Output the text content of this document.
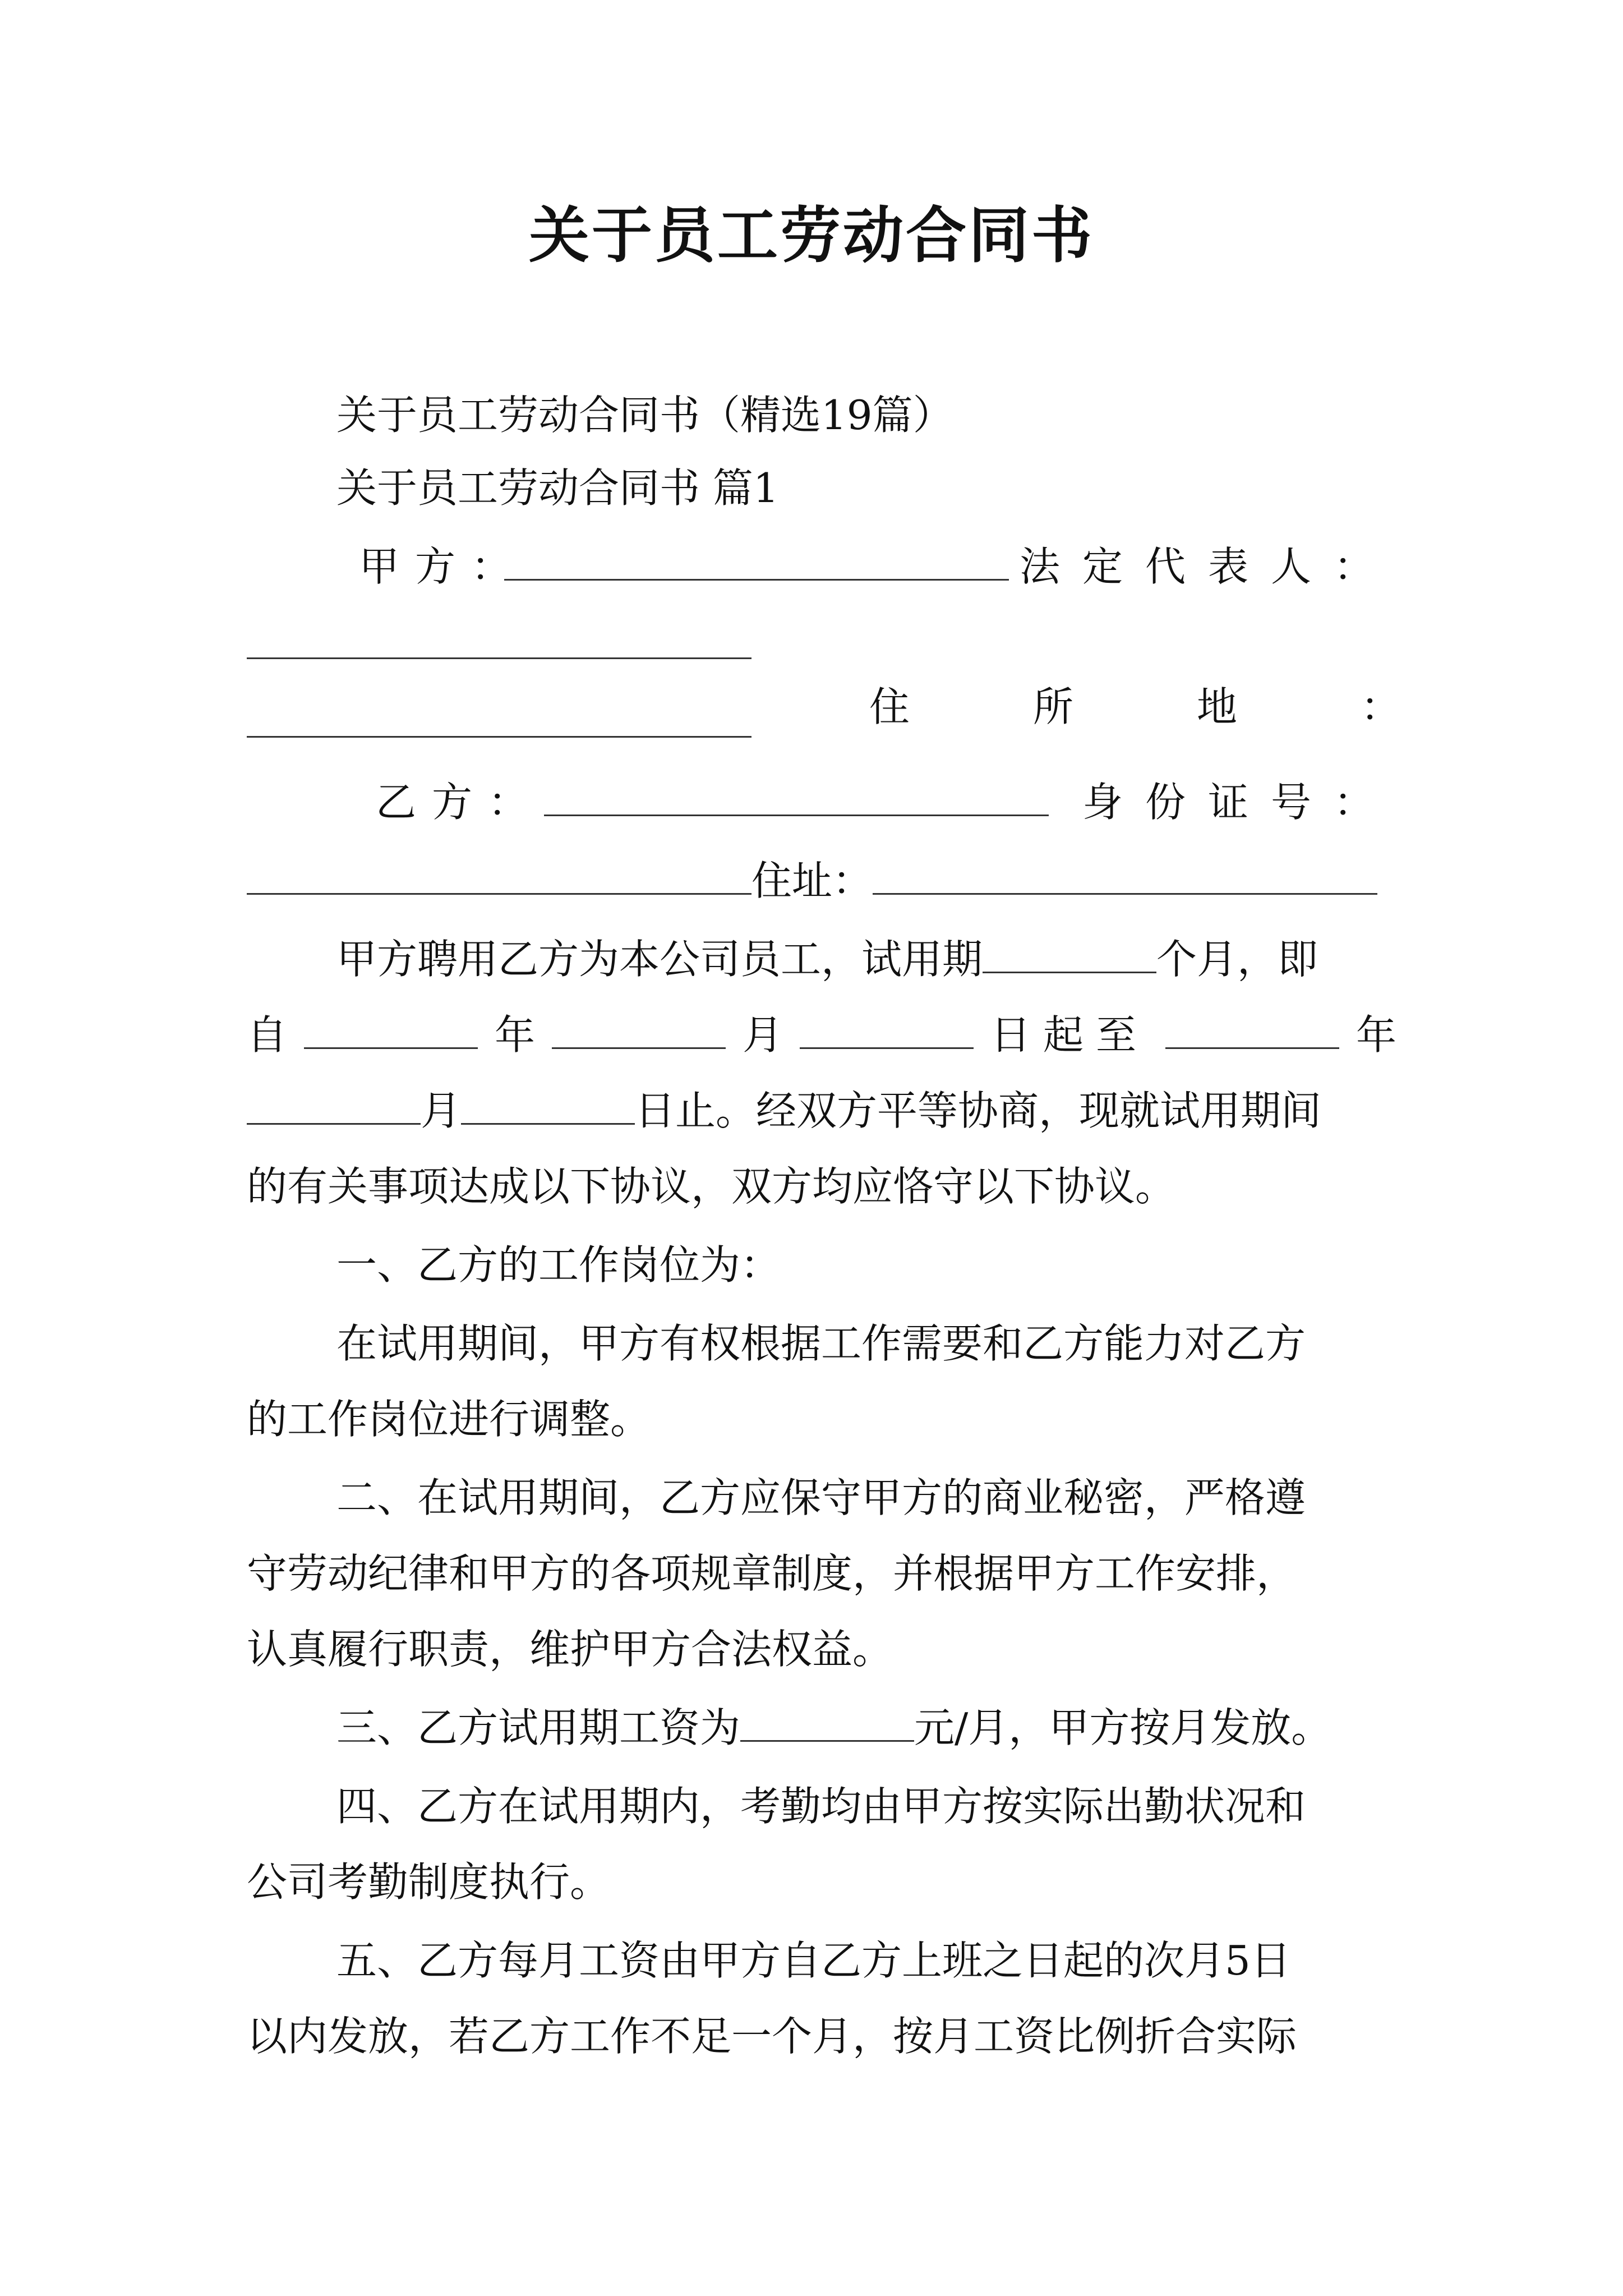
关于员工劳动合同书
关于员工劳动合同书（精选19篇）
关于员工劳动合同书 篇1
甲方：	法定代表人：
住所地：
乙方：	身份证号：
住址：
甲方聘用乙方为本公司员工，试用期	个月，即
自	年	月	日起至	年
月	日止。经双方平等协商，现就试用期间
的有关事项达成以下协议，双方均应恪守以下协议。
一、乙方的工作岗位为：
在试用期间，甲方有权根据工作需要和乙方能力对乙方
的工作岗位进行调整。
二、在试用期间，乙方应保守甲方的商业秘密，严格遵
守劳动纪律和甲方的各项规章制度，并根据甲方工作安排，
认真履行职责，维护甲方合法权益。
三、乙方试用期工资为	元/月，甲方按月发放。
四、乙方在试用期内，考勤均由甲方按实际出勤状况和
公司考勤制度执行。
五、乙方每月工资由甲方自乙方上班之日起的次月5日
以内发放，若乙方工作不足一个月，按月工资比例折合实际
